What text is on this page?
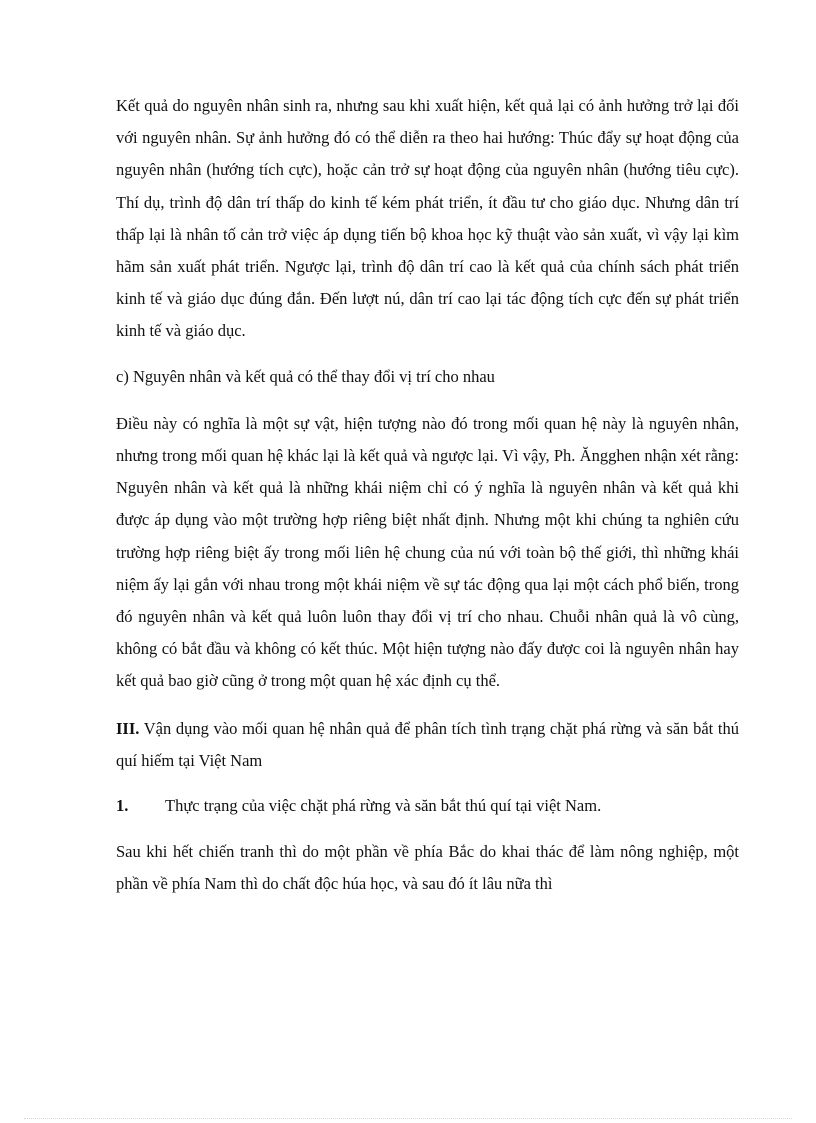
Kết quả do nguyên nhân sinh ra, nhưng sau khi xuất hiện, kết quả lại có ảnh hưởng trở lại đối với nguyên nhân. Sự ảnh hưởng đó có thể diễn ra theo hai hướng: Thúc đẩy sự hoạt động của nguyên nhân (hướng tích cực), hoặc cản trở sự hoạt động của nguyên nhân (hướng tiêu cực). Thí dụ, trình độ dân trí thấp do kinh tế kém phát triển, ít đầu tư cho giáo dục. Nhưng dân trí thấp lại là nhân tố cản trở việc áp dụng tiến bộ khoa học kỹ thuật vào sản xuất, vì vậy lại kìm hãm sản xuất phát triển. Ngược lại, trình độ dân trí cao là kết quả của chính sách phát triển kinh tế và giáo dục đúng đắn. Đến lượt nú, dân trí cao lại tác động tích cực đến sự phát triển kinh tế và giáo dục.

c) Nguyên nhân và kết quả có thể thay đổi vị trí cho nhau

Điều này có nghĩa là một sự vật, hiện tượng nào đó trong mối quan hệ này là nguyên nhân, nhưng trong mối quan hệ khác lại là kết quả và ngược lại. Vì vậy, Ph. Ăngghen nhận xét rằng: Nguyên nhân và kết quả là những khái niệm chỉ có ý nghĩa là nguyên nhân và kết quả khi được áp dụng vào một trường hợp riêng biệt nhất định. Nhưng một khi chúng ta nghiên cứu trường hợp riêng biệt ấy trong mối liên hệ chung của nú với toàn bộ thế giới, thì những khái niệm ấy lại gắn với nhau trong một khái niệm về sự tác động qua lại một cách phổ biến, trong đó nguyên nhân và kết quả luôn luôn thay đổi vị trí cho nhau. Chuỗi nhân quả là vô cùng, không có bắt đầu và không có kết thúc. Một hiện tượng nào đấy được coi là nguyên nhân hay kết quả bao giờ cũng ở trong một quan hệ xác định cụ thể.

III. Vận dụng vào mối quan hệ nhân quả để phân tích tình trạng chặt phá rừng và săn bắt thú quí hiếm tại Việt Nam

1.	Thực trạng của việc chặt phá rừng và săn bắt thú quí tại việt Nam.

Sau khi hết chiến tranh thì do một phần về phía Bắc do khai thác để làm nông nghiệp, một phần về phía Nam thì do chất độc húa học, và sau đó ít lâu nữa thì
